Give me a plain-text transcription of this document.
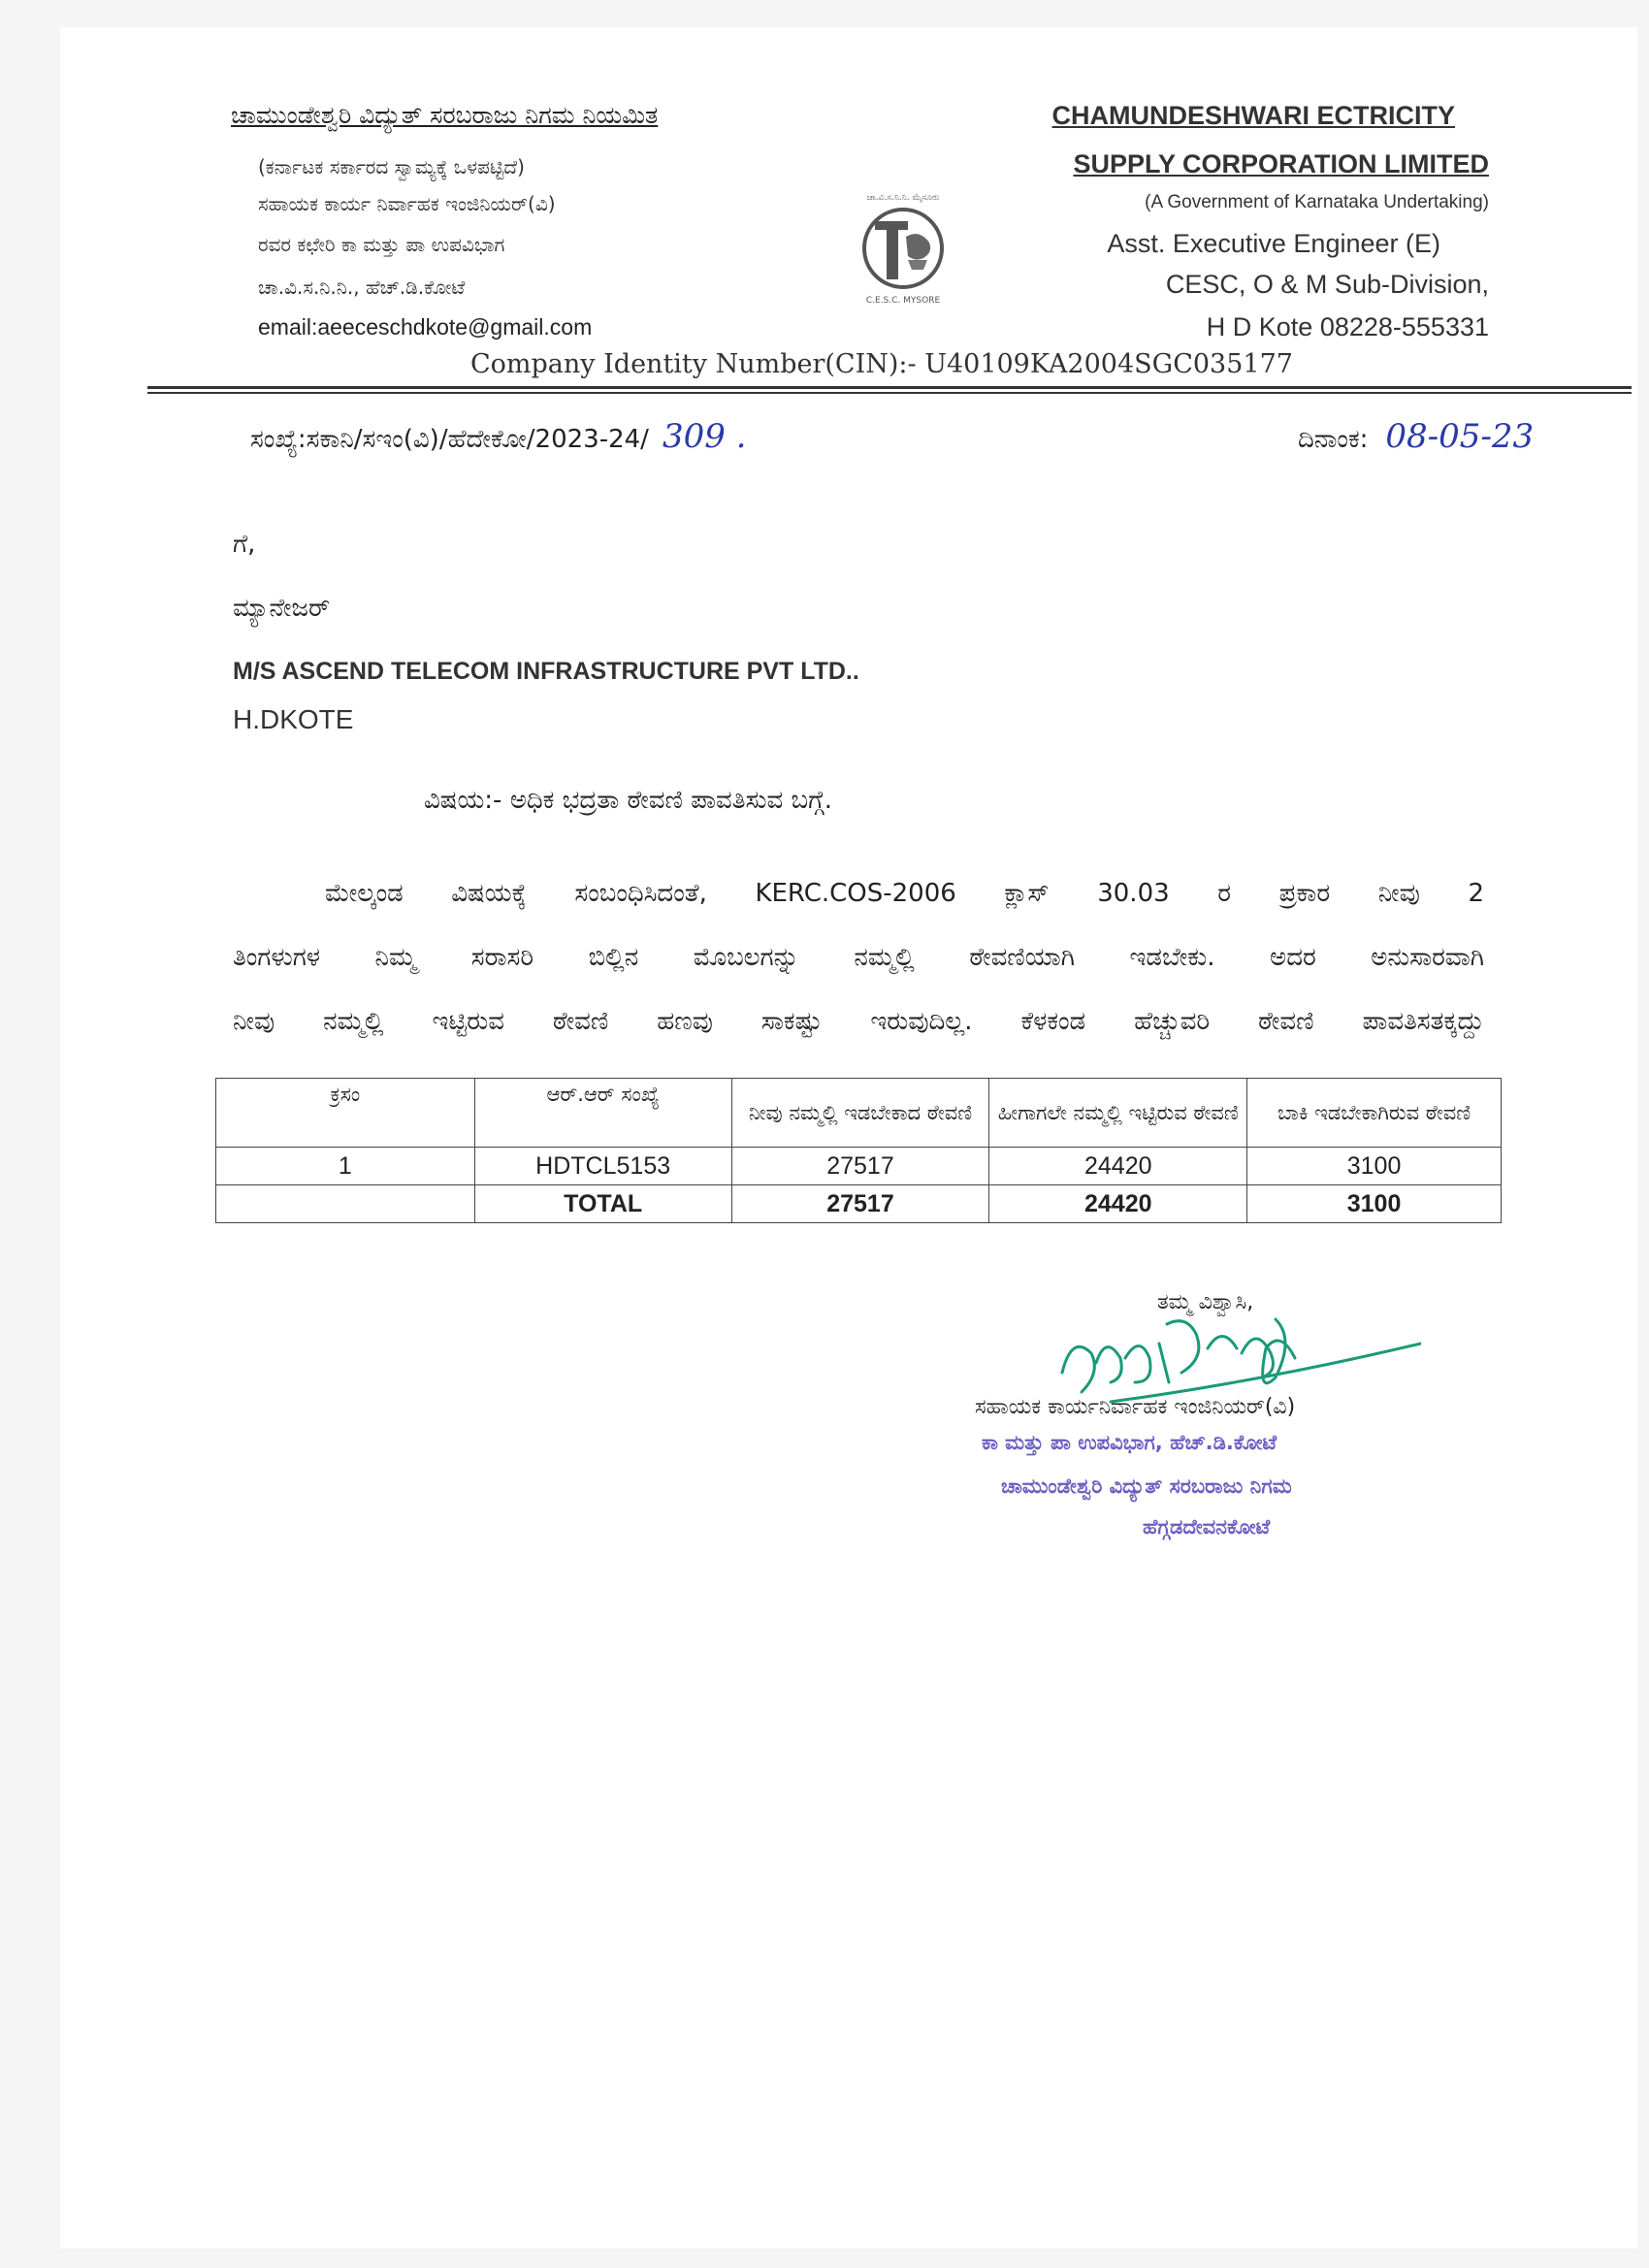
ಚಾಮುಂಡೇಶ್ವರಿ ವಿದ್ಯುತ್ ಸರಬರಾಜು ನಿಗಮ ನಿಯಮಿತ
(ಕರ್ನಾಟಕ ಸರ್ಕಾರದ ಸ್ವಾಮ್ಯಕ್ಕೆ ಒಳಪಟ್ಟಿದೆ)
ಸಹಾಯಕ ಕಾರ್ಯ ನಿರ್ವಾಹಕ ಇಂಜಿನಿಯರ್(ವಿ)
ರವರ ಕಛೇರಿ ಕಾ ಮತ್ತು ಪಾ ಉಪವಿಭಾಗ
ಚಾ.ವಿ.ಸ.ನಿ.ನಿ., ಹೆಚ್.ಡಿ.ಕೋಟೆ
email:aeeceschdkote@gmail.com
ಚಾ.ವಿ.ಸ.ನಿ.ನಿ. ಮೈಸೂರು
C.E.S.C. MYSORE
CHAMUNDESHWARI ECTRICITY
SUPPLY CORPORATION LIMITED
(A Government of Karnataka Undertaking)
Asst. Executive Engineer (E)
CESC, O & M Sub-Division,
H D Kote 08228-555331
Company Identity Number(CIN):- U40109KA2004SGC035177
ಸಂಖ್ಯೆ:ಸಕಾನಿ/ಸಇಂ(ವಿ)/ಹೆದೇಕೋ/2023-24/ 309 .	ದಿನಾಂಕ: 08-05-23
ಗೆ,
ಮ್ಯಾನೇಜರ್
M/S ASCEND TELECOM INFRASTRUCTURE PVT LTD..
H.DKOTE
ವಿಷಯ:- ಅಧಿಕ ಭದ್ರತಾ ಠೇವಣಿ ಪಾವತಿಸುವ ಬಗ್ಗೆ.
ಮೇಲ್ಕಂಡ ವಿಷಯಕ್ಕೆ ಸಂಬಂಧಿಸಿದಂತೆ, KERC.COS-2006 ಕ್ಲಾಸ್ 30.03 ರ ಪ್ರಕಾರ ನೀವು 2
ತಿಂಗಳುಗಳ ನಿಮ್ಮ ಸರಾಸರಿ ಬಿಲ್ಲಿನ ಮೊಬಲಗನ್ನು ನಮ್ಮಲ್ಲಿ ಠೇವಣಿಯಾಗಿ ಇಡಬೇಕು. ಅದರ ಅನುಸಾರವಾಗಿ
ನೀವು ನಮ್ಮಲ್ಲಿ ಇಟ್ಟಿರುವ ಠೇವಣಿ ಹಣವು ಸಾಕಷ್ಟು ಇರುವುದಿಲ್ಲ. ಕೆಳಕಂಡ ಹೆಚ್ಚುವರಿ ಠೇವಣಿ ಪಾವತಿಸತಕ್ಕದ್ದು
ಕ್ರಸಂ	ಆರ್.ಆರ್ ಸಂಖ್ಯೆ	ನೀವು ನಮ್ಮಲ್ಲಿ ಇಡಬೇಕಾದ ಠೇವಣಿ	ಹೀಗಾಗಲೇ ನಮ್ಮಲ್ಲಿ ಇಟ್ಟಿರುವ ಠೇವಣಿ	ಬಾಕಿ ಇಡಬೇಕಾಗಿರುವ ಠೇವಣಿ
1	HDTCL5153	27517	24420	3100
	TOTAL	27517	24420	3100
ತಮ್ಮ ವಿಶ್ವಾಸಿ,
ಸಹಾಯಕ ಕಾರ್ಯನಿರ್ವಾಹಕ ಇಂಜಿನಿಯರ್(ವಿ)
ಕಾ ಮತ್ತು ಪಾ ಉಪವಿಭಾಗ, ಹೆಚ್.ಡಿ.ಕೋಟೆ
ಚಾಮುಂಡೇಶ್ವರಿ ವಿದ್ಯುತ್ ಸರಬರಾಜು ನಿಗಮ
ಹೆಗ್ಗಡದೇವನಕೋಟೆ
